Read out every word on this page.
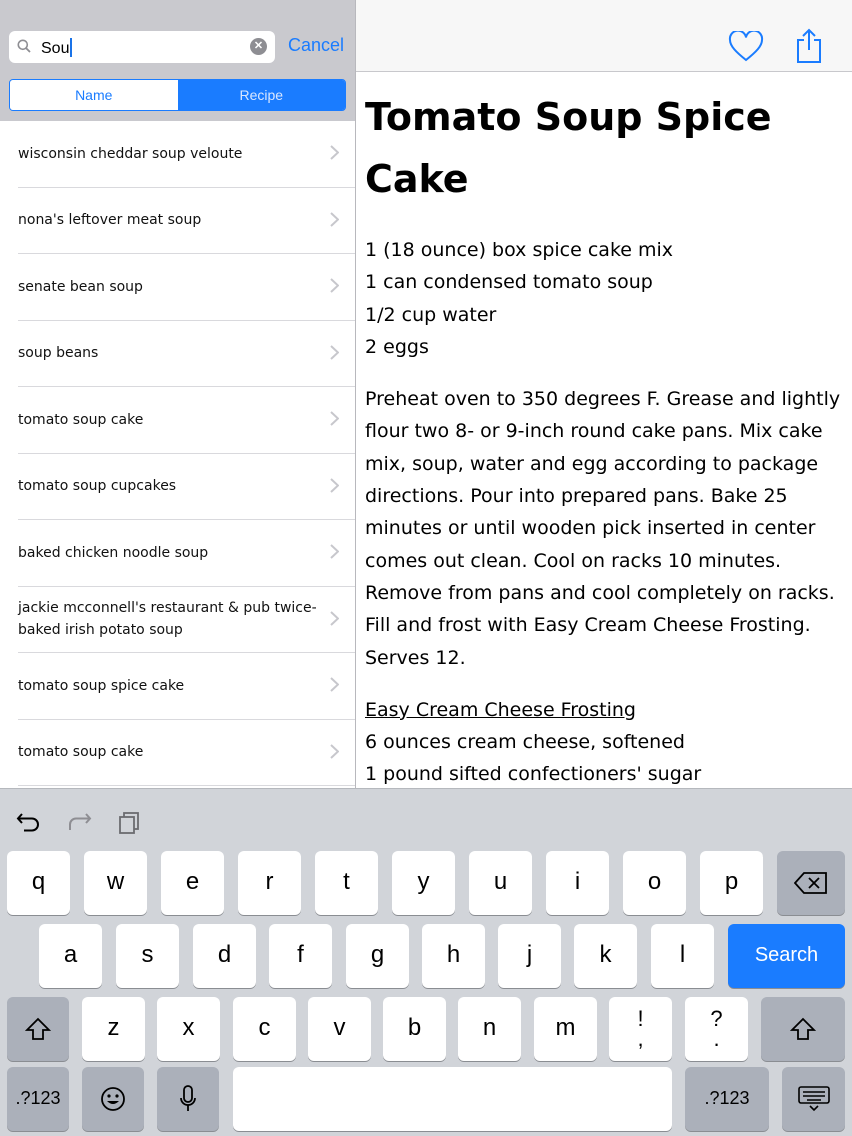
Sou	✕ Cancel
Name	Recipe
wisconsin cheddar soup veloute
nona's leftover meat soup
senate bean soup
soup beans
tomato soup cake
tomato soup cupcakes
baked chicken noodle soup
jackie mcconnell's restaurant & pub twice-baked irish potato soup
tomato soup spice cake
tomato soup cake
Tomato Soup Spice Cake
1 (18 ounce) box spice cake mix
1 can condensed tomato soup
1/2 cup water
2 eggs
Preheat oven to 350 degrees F. Grease and lightly flour two 8- or 9-inch round cake pans. Mix cake mix, soup, water and egg according to package directions. Pour into prepared pans. Bake 25 minutes or until wooden pick inserted in center comes out clean. Cool on racks 10 minutes. Remove from pans and cool completely on racks. Fill and frost with Easy Cream Cheese Frosting. Serves 12.
Easy Cream Cheese Frosting
6 ounces cream cheese, softened
1 pound sifted confectioners' sugar
q	w	e	r	t	y	u	i	o	p
a	s	d	f	g	h	j	k	l	Search
z	x	c	v	b	n	m	!
,
?
.
.?123	.?123
